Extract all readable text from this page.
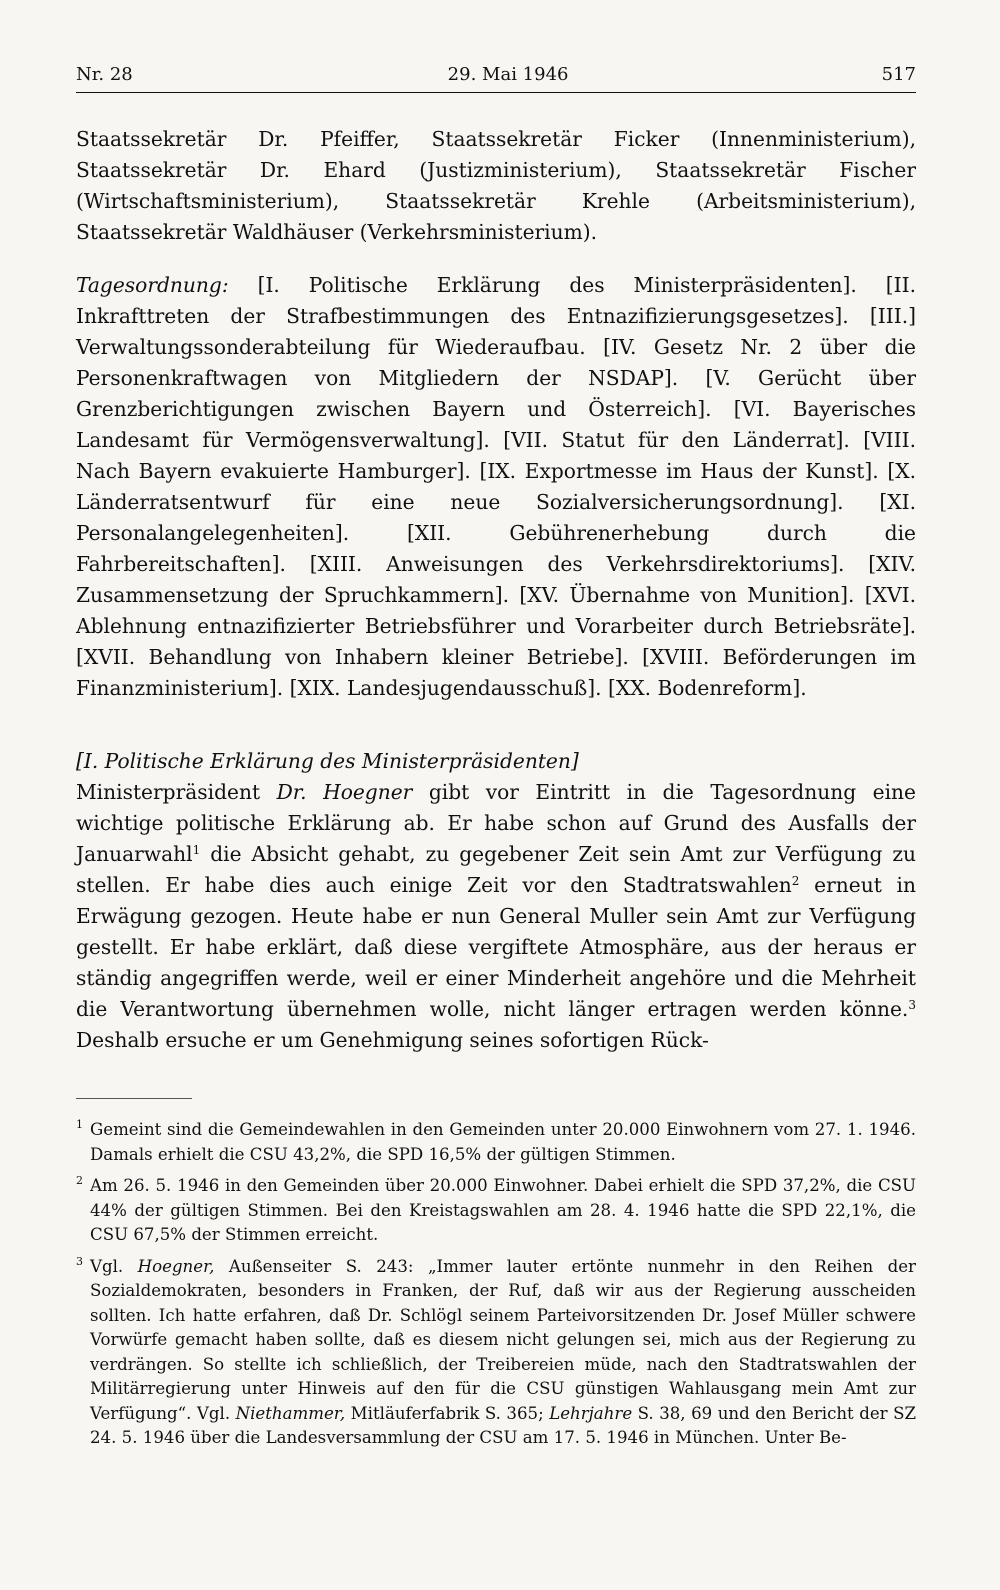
Nr. 28	29. Mai 1946	517

Staatssekretär Dr. Pfeiffer, Staatssekretär Ficker (Innenministerium), Staatssekretär Dr. Ehard (Justizministerium), Staatssekretär Fischer (Wirtschaftsministerium), Staatssekretär Krehle (Arbeitsministerium), Staatssekretär Waldhäuser (Verkehrsministerium).

Tagesordnung: [I. Politische Erklärung des Ministerpräsidenten]. [II. Inkrafttreten der Strafbestimmungen des Entnazifizierungsgesetzes]. [III.] Verwaltungssonderabteilung für Wiederaufbau. [IV. Gesetz Nr. 2 über die Personenkraftwagen von Mitgliedern der NSDAP]. [V. Gerücht über Grenzberichtigungen zwischen Bayern und Österreich]. [VI. Bayerisches Landesamt für Vermögensverwaltung]. [VII. Statut für den Länderrat]. [VIII. Nach Bayern evakuierte Hamburger]. [IX. Exportmesse im Haus der Kunst]. [X. Länderratsentwurf für eine neue Sozialversicherungsordnung]. [XI. Personalangelegenheiten]. [XII. Gebührenerhebung durch die Fahrbereitschaften]. [XIII. Anweisungen des Verkehrsdirektoriums]. [XIV. Zusammensetzung der Spruchkammern]. [XV. Übernahme von Munition]. [XVI. Ablehnung entnazifizierter Betriebsführer und Vorarbeiter durch Betriebsräte]. [XVII. Behandlung von Inhabern kleiner Betriebe]. [XVIII. Beförderungen im Finanzministerium]. [XIX. Landesjugendausschuß]. [XX. Bodenreform].

[I. Politische Erklärung des Ministerpräsidenten]

Ministerpräsident Dr. Hoegner gibt vor Eintritt in die Tagesordnung eine wichtige politische Erklärung ab. Er habe schon auf Grund des Ausfalls der Januarwahl$^1$ die Absicht gehabt, zu gegebener Zeit sein Amt zur Verfügung zu stellen. Er habe dies auch einige Zeit vor den Stadtratswahlen$^2$ erneut in Erwägung gezogen. Heute habe er nun General Muller sein Amt zur Verfügung gestellt. Er habe erklärt, daß diese vergiftete Atmosphäre, aus der heraus er ständig angegriffen werde, weil er einer Minderheit angehöre und die Mehrheit die Verantwortung übernehmen wolle, nicht länger ertragen werden könne.$^3$ Deshalb ersuche er um Genehmigung seines sofortigen Rück-

1 Gemeint sind die Gemeindewahlen in den Gemeinden unter 20.000 Einwohnern vom 27. 1. 1946. Damals erhielt die CSU 43,2%, die SPD 16,5% der gültigen Stimmen.

2 Am 26. 5. 1946 in den Gemeinden über 20.000 Einwohner. Dabei erhielt die SPD 37,2%, die CSU 44% der gültigen Stimmen. Bei den Kreistagswahlen am 28. 4. 1946 hatte die SPD 22,1%, die CSU 67,5% der Stimmen erreicht.

3 Vgl. Hoegner, Außenseiter S. 243: „Immer lauter ertönte nunmehr in den Reihen der Sozialdemokraten, besonders in Franken, der Ruf, daß wir aus der Regierung ausscheiden sollten. Ich hatte erfahren, daß Dr. Schlögl seinem Parteivorsitzenden Dr. Josef Müller schwere Vorwürfe gemacht haben sollte, daß es diesem nicht gelungen sei, mich aus der Regierung zu verdrängen. So stellte ich schließlich, der Treibereien müde, nach den Stadtratswahlen der Militärregierung unter Hinweis auf den für die CSU günstigen Wahlausgang mein Amt zur Verfügung“. Vgl. Niethammer, Mitläuferfabrik S. 365; Lehrjahre S. 38, 69 und den Bericht der SZ 24. 5. 1946 über die Landesversammlung der CSU am 17. 5. 1946 in München. Unter Be-
